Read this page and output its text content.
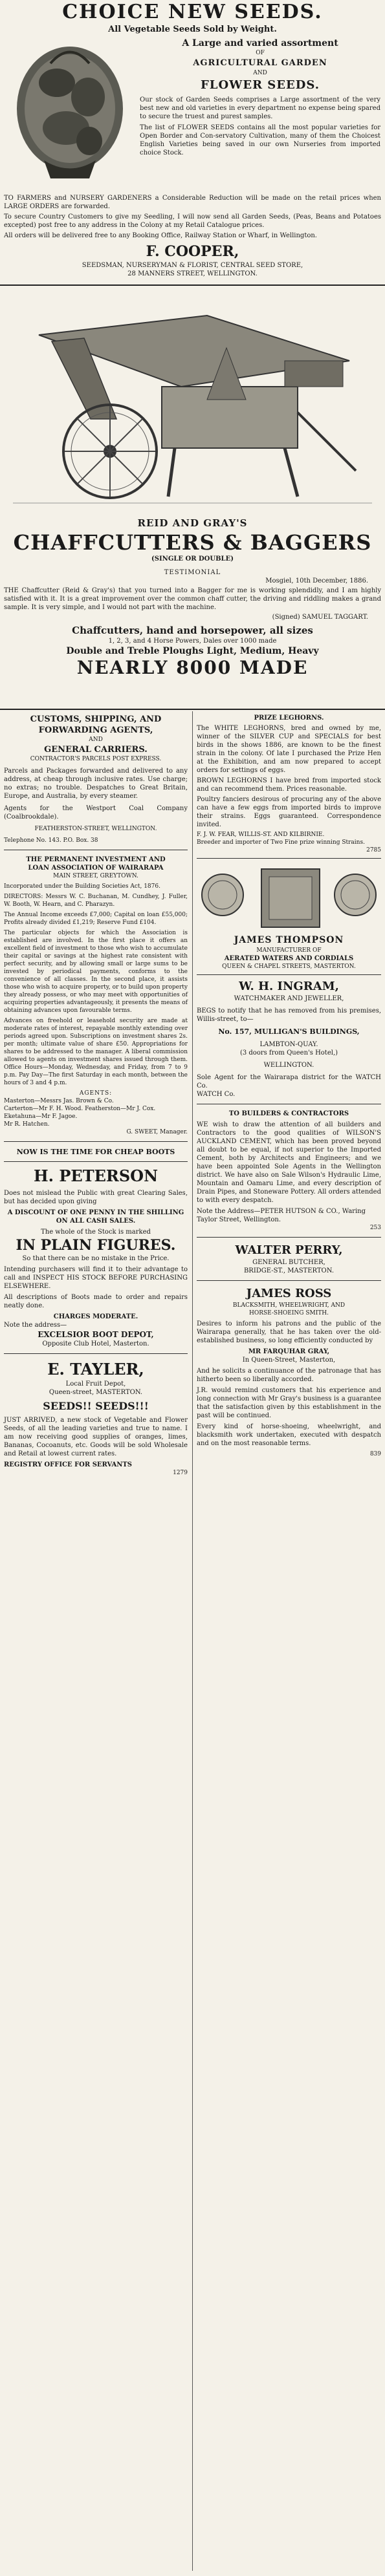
CHOICE NEW SEEDS.
All Vegetable Seeds Sold by Weight.
A Large and varied assortment
OF
AGRICULTURAL GARDEN
AND
FLOWER SEEDS.

Our stock of Garden Seeds comprises a Large assortment of the very best new and old varieties in every department no expense being spared to secure the truest and purest samples.

The list of FLOWER SEEDS contains all the most popular varieties for Open Border and Con-servatory Cultivation, many of them the Choicest English Varieties being saved in our own Nurseries from imported choice Stock.

TO FARMERS and NURSERY GARDENERS a Considerable Reduction will be made on the retail prices when LARGE ORDERS are forwarded.

To secure Country Customers to give my Seedling, I will now send all Garden Seeds, (Peas, Beans and Potatoes excepted) post free to any address in the Colony at my Retail Catalogue prices.

All orders will be delivered free to any Booking Office, Railway Station or Wharf, in Wellington.

F. COOPER,
SEEDSMAN, NURSERYMAN & FLORIST, CENTRAL SEED STORE,
28 MANNERS STREET, WELLINGTON.
REID AND GRAY'S
CHAFFCUTTERS & BAGGERS
(SINGLE OR DOUBLE)
TESTIMONIAL
Mosgiel, 10th December, 1886.

THE Chaffcutter (Reid & Gray's) that you turned into a Bagger for me is working splendidly, and I am highly satisfied with it. It is a great improvement over the common chaff cutter, the driving and riddling makes a grand sample. It is very simple, and I would not part with the machine.

(Signed) SAMUEL TAGGART.
Chaffcutters, hand and horsepower, all sizes
1, 2, 3, and 4 Horse Powers, Dales over 1000 made
Double and Treble Ploughs Light, Medium, Heavy
NEARLY 8000 MADE
CUSTOMS, SHIPPING, AND
FORWARDING AGENTS,
AND
GENERAL CARRIERS.
CONTRACTOR'S PARCELS POST EXPRESS.

Parcels and Packages forwarded and delivered to any address, at cheap through inclusive rates. Use charge; no extras; no trouble. Despatches to Great Britain, Europe, and Australia, by every steamer.

Agents for the Westport Coal Company (Coalbrookdale).

FEATHERSTON-STREET, WELLINGTON.
Telephone No. 143. P.O. Box. 38
THE PERMANENT INVESTMENT AND
LOAN ASSOCIATION OF WAIRARAPA
MAIN STREET, GREYTOWN.

Incorporated under the Building Societies Act, 1876.

DIRECTORS: Messrs W. C. Buchanan, M. Cundhey, J. Fuller, W. Booth, W. Hearn, and C. Pharazyn.

The Annual Income exceeds £7,000; Capital on loan £55,000; Profits already divided £1,219; Reserve Fund £104.

The particular objects for which the Association is established are involved. In the first place it offers an excellent field of investment to those who wish to accumulate their capital or savings at the highest rate consistent with perfect security, and by allowing small or large sums to be invested by periodical payments, conforms to the convenience of all classes. In the second place, it assists those who wish to acquire property, or to build upon property they already possess, or who may meet with opportunities of acquiring properties advantageously, it presents the means of obtaining advances upon favourable terms.

Advances on freehold or leasehold security are made at moderate rates of interest, repayable monthly extending over periods agreed upon. Subscriptions on investment shares 2s. per month; ultimate value of share £50. Appropriations for shares to be addressed to the manager. A liberal commission allowed to agents on investment shares issued through them. Office Hours—Monday, Wednesday, and Friday, from 7 to 9 p.m. Pay Day—The first Saturday in each month, between the hours of 3 and 4 p.m.

AGENTS:
Masterton—Messrs Jas. Brown & Co.
Carterton—Mr F. H. Wood. Featherston—Mr J. Cox. Eketahuna—Mr F. Jagoe.
Mr R. Hatchen.
G. SWEET, Manager.
NOW IS THE TIME FOR CHEAP BOOTS
H. PETERSON

Does not mislead the Public with great Clearing Sales, but has decided upon giving

A DISCOUNT OF ONE PENNY IN THE SHILLING ON ALL CASH SALES.
The whole of the Stock is marked
IN PLAIN FIGURES.
So that there can be no mistake in the Price.

Intending purchasers will find it to their advantage to call and INSPECT HIS STOCK BEFORE PURCHASING ELSEWHERE.

All descriptions of Boots made to order and repairs neatly done.

CHARGES MODERATE.
Note the address—
EXCELSIOR BOOT DEPOT,
Opposite Club Hotel, Masterton.
E. TAYLER,
Local Fruit Depot,
Queen-street, MASTERTON.
SEEDS!! SEEDS!!!

JUST ARRIVED, a new stock of Vegetable and Flower Seeds, of all the leading varieties and true to name. I am now receiving good supplies of oranges, limes, Bananas, Cocoanuts, etc. Goods will be sold Wholesale and Retail at lowest current rates.

REGISTRY OFFICE FOR SERVANTS
1279
PRIZE LEGHORNS.

The WHITE LEGHORNS, bred and owned by me, winner of the SILVER CUP and SPECIALS for best birds in the shows 1886, are known to be the finest strain in the colony. Of late I purchased the Prize Hen at the Exhibition, and am now prepared to accept orders for settings of eggs.

BROWN LEGHORNS I have bred from imported stock and can recommend them. Prices reasonable.

Poultry fanciers desirous of procuring any of the above can have a few eggs from imported birds to improve their strains. Eggs guaranteed. Correspondence invited.

F. J. W. FEAR, WILLIS-ST. AND KILBIRNIE.
Breeder and importer of Two Fine prize winning Strains.
2785
JAMES THOMPSON
MANUFACTURER OF
AERATED WATERS AND CORDIALS
QUEEN & CHAPEL STREETS, MASTERTON.
W. H. INGRAM,
WATCHMAKER AND JEWELLER,

BEGS to notify that he has removed from his premises, Willis-street, to—

No. 157, MULLIGAN'S BUILDINGS,
LAMBTON-QUAY.
(3 doors from Queen's Hotel,)
WELLINGTON.

Sole Agent for the Wairarapa district for the WATCH Co.

WATCH Co.
TO BUILDERS & CONTRACTORS

WE wish to draw the attention of all builders and Contractors to the good qualities of WILSON'S AUCKLAND CEMENT, which has been proved beyond all doubt to be equal, if not superior to the Imported Cement, both by Architects and Engineers; and we have been appointed Sole Agents in the Wellington district. We have also on Sale Wilson's Hydraulic Lime, Mountain and Oamaru Lime, and every description of Drain Pipes, and Stoneware Pottery. All orders attended to with every despatch.

Note the Address—PETER HUTSON & CO., Waring Taylor Street, Wellington.
253
WALTER PERRY,
GENERAL BUTCHER,
BRIDGE-ST., MASTERTON.
JAMES ROSS
BLACKSMITH, WHEELWRIGHT, AND
HORSE-SHOEING SMITH.

Desires to inform his patrons and the public of the Wairarapa generally, that he has taken over the old-established business, so long efficiently conducted by

MR FARQUHAR GRAY,
In Queen-Street, Masterton,

And he solicits a continuance of the patronage that has hitherto been so liberally accorded.

J.R. would remind customers that his experience and long connection with Mr Gray's business is a guarantee that the satisfaction given by this establishment in the past will be continued.

Every kind of horse-shoeing, wheelwright, and blacksmith work undertaken, executed with despatch and on the most reasonable terms.

839
